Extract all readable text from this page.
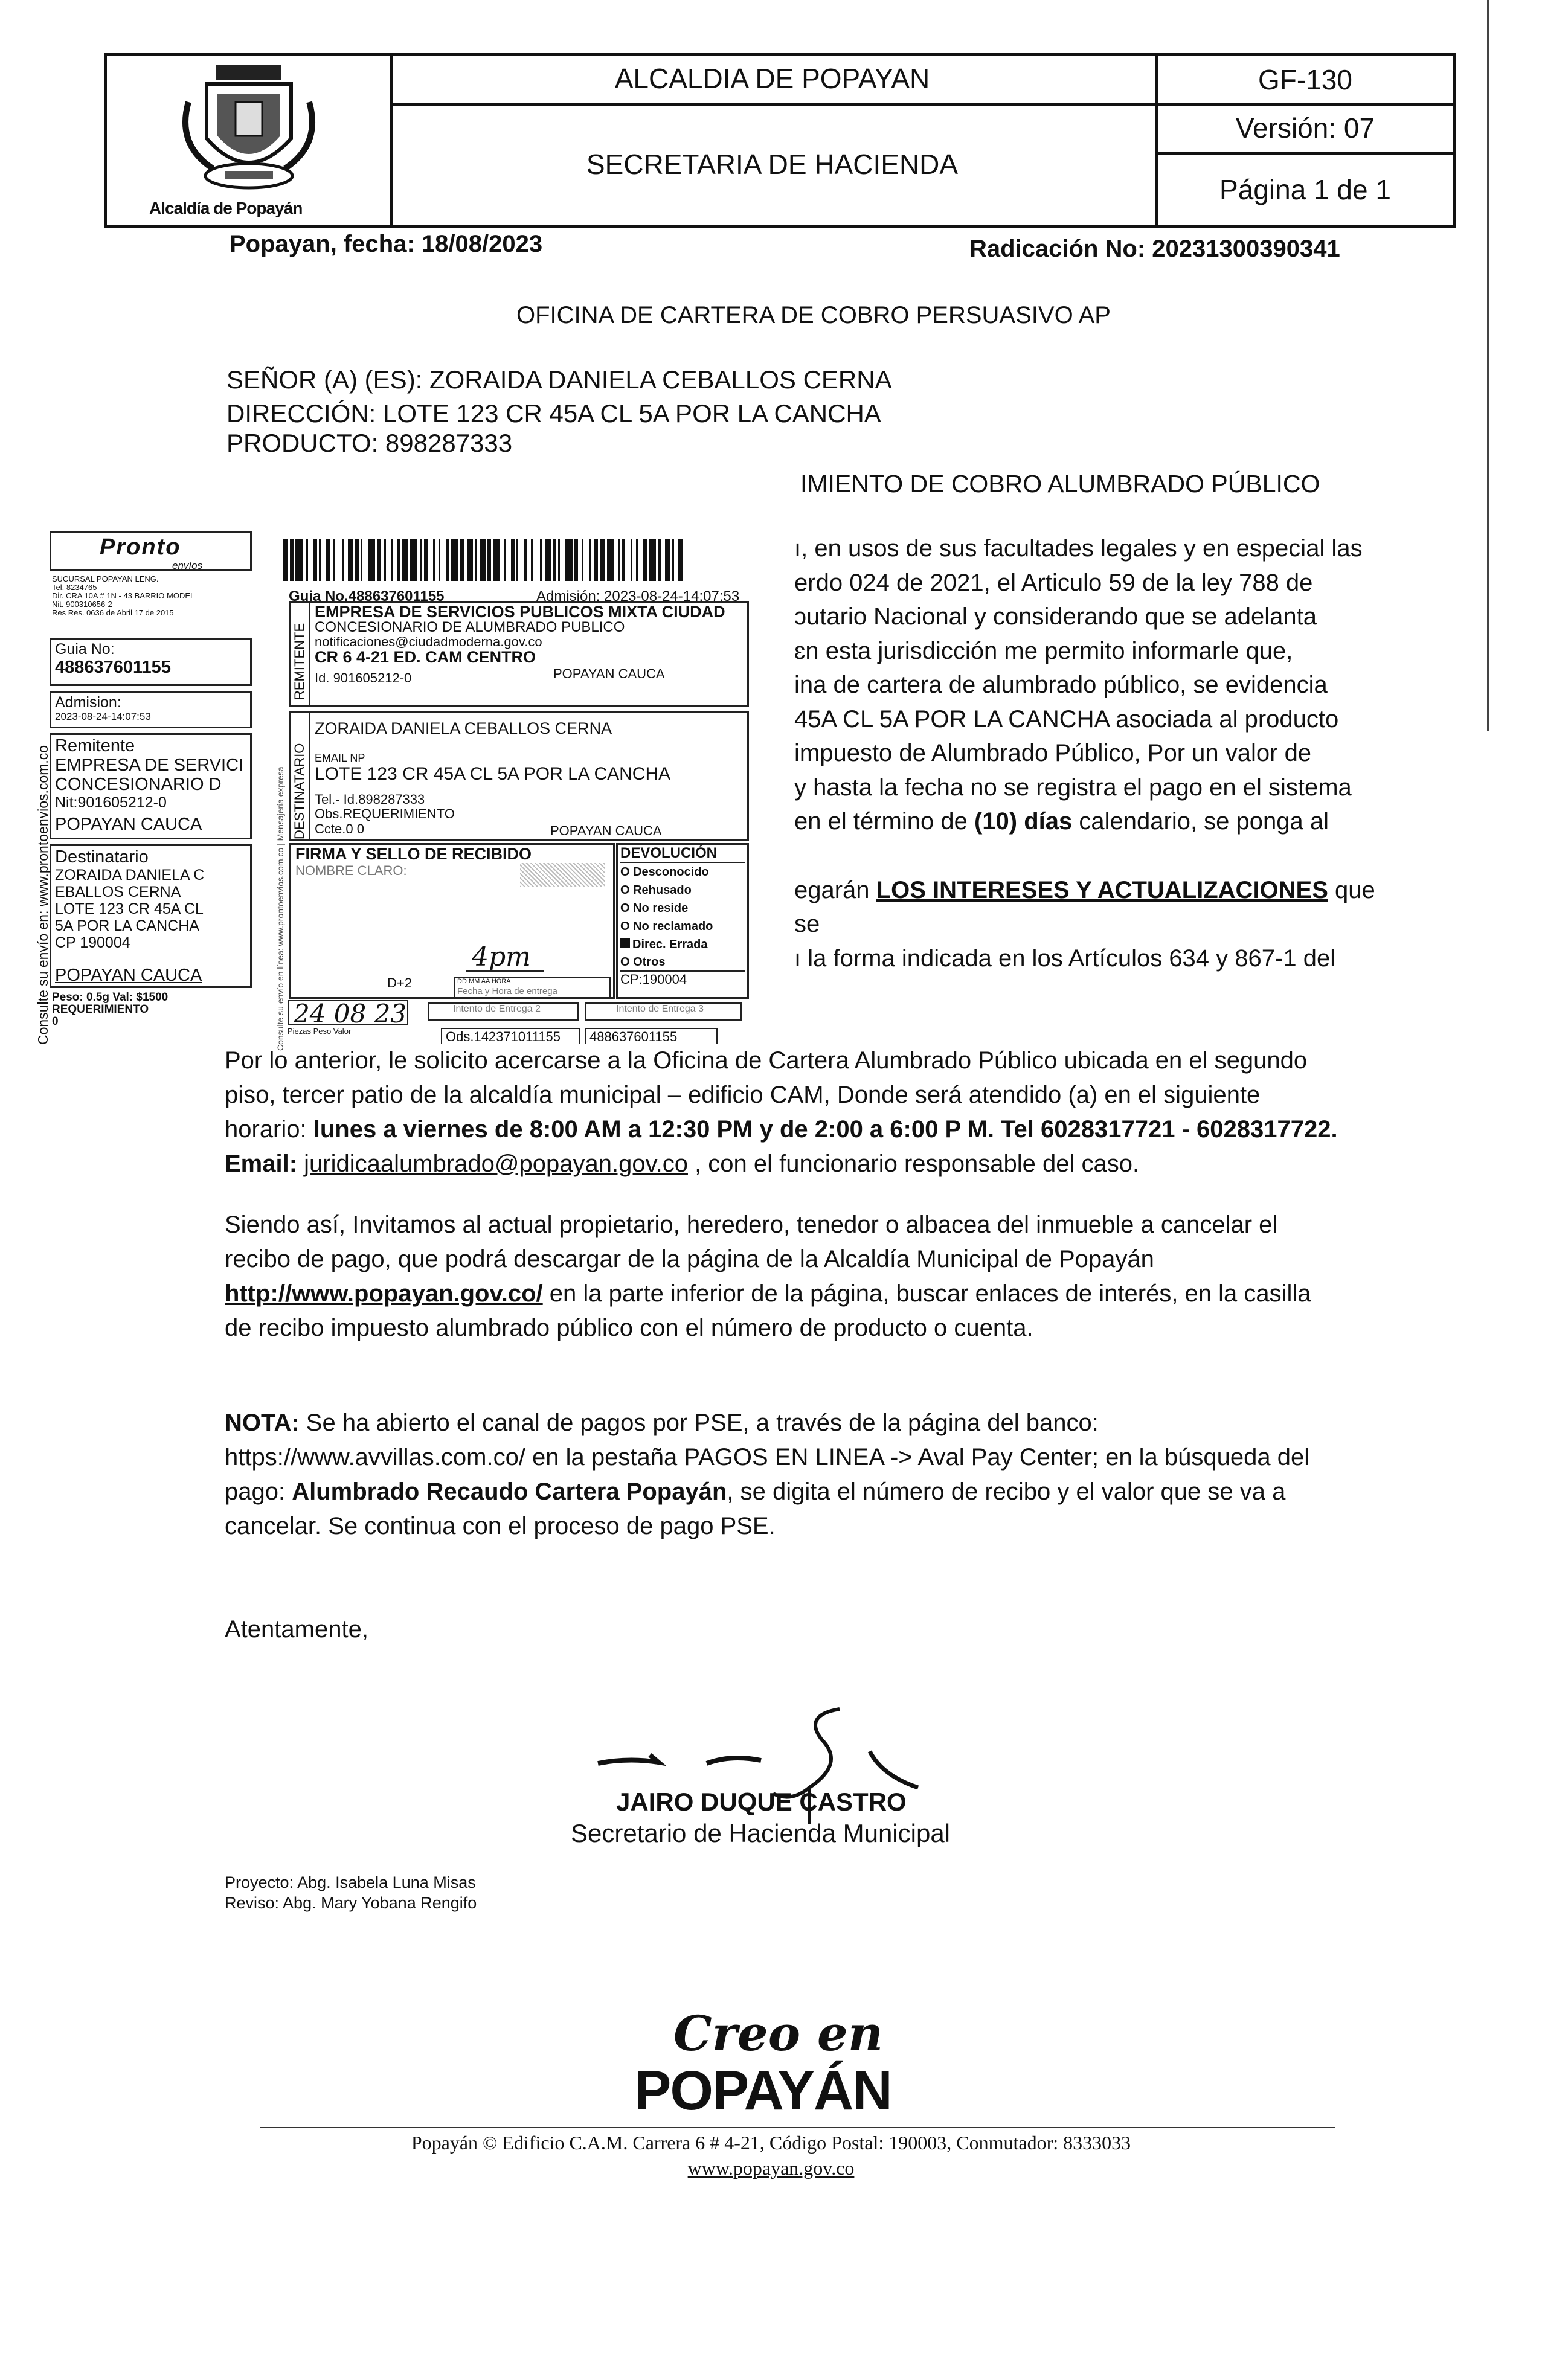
Alcaldía de Popayán
ALCALDIA DE POPAYAN
SECRETARIA DE HACIENDA
GF-130
Versión: 07
Página 1 de 1
Popayan, fecha: 18/08/2023	Radicación No: 20231300390341
OFICINA DE CARTERA DE COBRO PERSUASIVO AP
SEÑOR (A) (ES): ZORAIDA DANIELA CEBALLOS CERNA
DIRECCIÓN: LOTE 123 CR 45A CL 5A POR LA CANCHA
PRODUCTO: 898287333
IMIENTO DE COBRO ALUMBRADO PÚBLICO
ı, en usos de sus facultades legales y en especial las
erdo 024 de 2021, el Articulo 59 de la ley 788 de
ɔutario Nacional y considerando que se adelanta
ɛn esta jurisdicción me permito informarle que,
ina de cartera de alumbrado público, se evidencia
45A CL 5A POR LA CANCHA asociada al producto
impuesto de Alumbrado Público, Por un valor de
y hasta la fecha no se registra el pago en el sistema
en el término de (10) días calendario, se ponga al
egarán LOS INTERESES Y ACTUALIZACIONES que se
ı la forma indicada en los Artículos 634 y 867-1 del
Pronto
envíos
SUCURSAL POPAYAN LENG.
Tel. 8234765
Dir. CRA 10A # 1N - 43 BARRIO MODEL
Nit. 900310656-2
Res Res. 0636 de Abril 17 de 2015
Guia No:
488637601155
Admision:
2023-08-24-14:07:53
Remitente
EMPRESA DE SERVICI
CONCESIONARIO D
Nit:901605212-0
POPAYAN CAUCA
Destinatario
ZORAIDA DANIELA C
EBALLOS CERNA
LOTE 123 CR 45A CL
5A POR LA CANCHA
CP 190004
POPAYAN CAUCA
Peso: 0.5g Val: $1500
REQUERIMIENTO
0
Consulte su envío en: www.prontoenvios.com.co
Guia No.488637601155	Admisión: 2023-08-24-14:07:53
REMITENTE
EMPRESA DE SERVICIOS PUBLICOS MIXTA CIUDAD
CONCESIONARIO DE ALUMBRADO PUBLICO
notificaciones@ciudadmoderna.gov.co
CR 6 4-21 ED. CAM CENTRO
Id. 901605212-0	POPAYAN CAUCA
DESTINATARIO
ZORAIDA DANIELA CEBALLOS CERNA
EMAIL NP
LOTE 123 CR 45A CL 5A POR LA CANCHA
Tel.- Id.898287333
Obs.REQUERIMIENTO
Ccte.0 0	POPAYAN CAUCA
FIRMA Y SELLO DE RECIBIDO
NOMBRE CLARO:
4pm
D+2	DD MM AA HORA
Fecha y Hora de entrega
DEVOLUCIÓN
O Desconocido
O Rehusado
O No reside
O No reclamado
Direc. Errada
O Otros
CP:190004
24 08 23	Intento de Entrega 2	Intento de Entrega 3
Piezas Peso Valor	Ods.142371011155	488637601155
Consulte su envío en línea: www.prontoenvios.com.co | Mensajería expresa
Por lo anterior, le solicito acercarse a la Oficina de Cartera Alumbrado Público ubicada en el segundo
piso, tercer patio de la alcaldía municipal – edificio CAM, Donde será atendido (a) en el siguiente
horario: lunes a viernes de 8:00 AM a 12:30 PM y de 2:00 a 6:00 P M. Tel 6028317721 - 6028317722.
Email: juridicaalumbrado@popayan.gov.co , con el funcionario responsable del caso.
Siendo así, Invitamos al actual propietario, heredero, tenedor o albacea del inmueble a cancelar el
recibo de pago, que podrá descargar de la página de la Alcaldía Municipal de Popayán
http://www.popayan.gov.co/ en la parte inferior de la página, buscar enlaces de interés, en la casilla
de recibo impuesto alumbrado público con el número de producto o cuenta.
NOTA: Se ha abierto el canal de pagos por PSE, a través de la página del banco:
https://www.avvillas.com.co/ en la pestaña PAGOS EN LINEA -> Aval Pay Center; en la búsqueda del
pago: Alumbrado Recaudo Cartera Popayán, se digita el número de recibo y el valor que se va a
cancelar. Se continua con el proceso de pago PSE.
Atentamente,
JAIRO DUQUE CASTRO
Secretario de Hacienda Municipal
Proyecto: Abg. Isabela Luna Misas
Reviso: Abg. Mary Yobana Rengifo
Creo en
POPAYÁN
Popayán © Edificio C.A.M. Carrera 6 # 4-21, Código Postal: 190003, Conmutador: 8333033
www.popayan.gov.co
